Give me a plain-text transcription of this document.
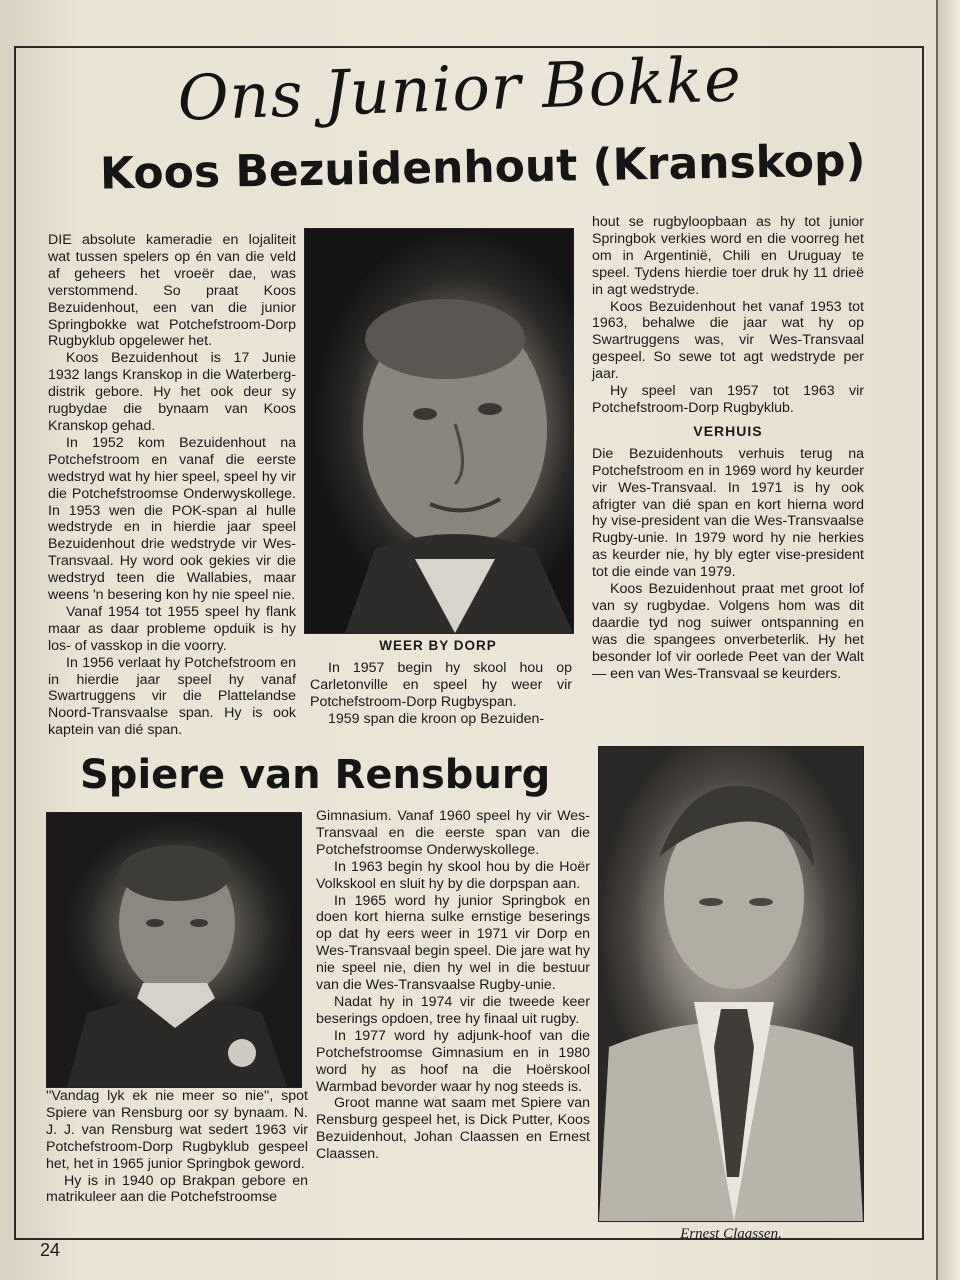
Ons Junior Bokke
Koos Bezuidenhout (Kranskop)

DIE absolute kameradie en lojaliteit wat tussen spelers op én van die veld af geheers het vroeër dae, was verstommend. So praat Koos Bezuidenhout, een van die junior Springbokke wat Potchefstroom-Dorp Rugbyklub opgelewer het.

Koos Bezuidenhout is 17 Junie 1932 langs Kranskop in die Waterberg-distrik gebore. Hy het ook deur sy rugbydae die bynaam van Koos Kranskop gehad.

In 1952 kom Bezuidenhout na Potchefstroom en vanaf die eerste wedstryd wat hy hier speel, speel hy vir die Potchefstroomse Onderwyskollege. In 1953 wen die POK-span al hulle wedstryde en in hierdie jaar speel Bezuidenhout drie wedstryde vir Wes-Transvaal. Hy word ook gekies vir die wedstryd teen die Wallabies, maar weens 'n besering kon hy nie speel nie.

Vanaf 1954 tot 1955 speel hy flank maar as daar probleme opduik is hy los- of vasskop in die voorry.

In 1956 verlaat hy Potchefstroom en in hierdie jaar speel hy vanaf Swartruggens vir die Plattelandse Noord-Transvaalse span. Hy is ook kaptein van dié span.

WEER BY DORP

In 1957 begin hy skool hou op Carletonville en speel hy weer vir Potchefstroom-Dorp Rugbyspan.

1959 span die kroon op Bezuiden-

hout se rugbyloopbaan as hy tot junior Springbok verkies word en die voorreg het om in Argentinië, Chili en Uruguay te speel. Tydens hierdie toer druk hy 11 drieë in agt wedstryde.

Koos Bezuidenhout het vanaf 1953 tot 1963, behalwe die jaar wat hy op Swartruggens was, vir Wes-Transvaal gespeel. So sewe tot agt wedstryde per jaar.

Hy speel van 1957 tot 1963 vir Potchefstroom-Dorp Rugbyklub.

VERHUIS

Die Bezuidenhouts verhuis terug na Potchefstroom en in 1969 word hy keurder vir Wes-Transvaal. In 1971 is hy ook afrigter van dié span en kort hierna word hy vise-president van die Wes-Transvaalse Rugby-unie. In 1979 word hy nie herkies as keurder nie, hy bly egter vise-president tot die einde van 1979.

Koos Bezuidenhout praat met groot lof van sy rugbydae. Volgens hom was dit daardie tyd nog suiwer ontspanning en was die spangees onverbeterlik. Hy het besonder lof vir oorlede Peet van der Walt — een van Wes-Transvaal se keurders.

Spiere van Rensburg

''Vandag lyk ek nie meer so nie'', spot Spiere van Rensburg oor sy bynaam. N. J. J. van Rensburg wat sedert 1963 vir Potchefstroom-Dorp Rugbyklub gespeel het, het in 1965 junior Springbok geword.

Hy is in 1940 op Brakpan gebore en matrikuleer aan die Potchefstroomse

Gimnasium. Vanaf 1960 speel hy vir Wes-Transvaal en die eerste span van die Potchefstroomse Onderwyskollege.

In 1963 begin hy skool hou by die Hoër Volkskool en sluit hy by die dorpspan aan.

In 1965 word hy junior Springbok en doen kort hierna sulke ernstige beserings op dat hy eers weer in 1971 vir Dorp en Wes-Transvaal begin speel. Die jare wat hy nie speel nie, dien hy wel in die bestuur van die Wes-Transvaalse Rugby-unie.

Nadat hy in 1974 vir die tweede keer beserings opdoen, tree hy finaal uit rugby.

In 1977 word hy adjunk-hoof van die Potchefstroomse Gimnasium en in 1980 word hy as hoof na die Hoërskool Warmbad bevorder waar hy nog steeds is.

Groot manne wat saam met Spiere van Rensburg gespeel het, is Dick Putter, Koos Bezuidenhout, Johan Claassen en Ernest Claassen.

Ernest Claassen.
24
